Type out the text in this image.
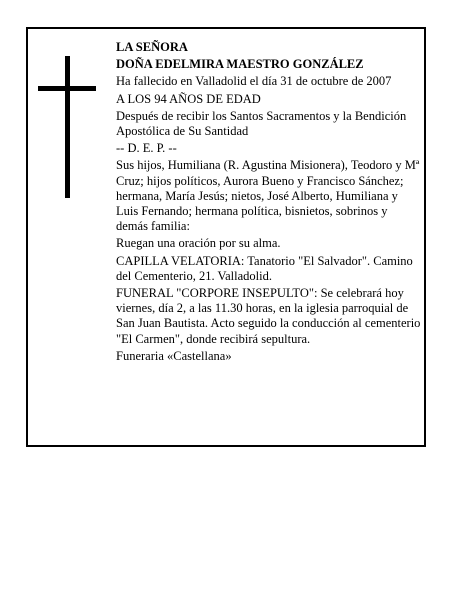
LA SEÑORA
DOÑA EDELMIRA MAESTRO GONZÁLEZ
Ha fallecido en Valladolid el día 31 de octubre de 2007
A LOS 94 AÑOS DE EDAD
Después de recibir los Santos Sacramentos y la Bendición Apostólica de Su Santidad
-- D. E. P. --
Sus hijos, Humiliana (R. Agustina Misionera), Teodoro y Mª Cruz; hijos políticos, Aurora Bueno y Francisco Sánchez; hermana, María Jesús; nietos, José Alberto, Humiliana y Luis Fernando; hermana política, bisnietos, sobrinos y demás familia:
Ruegan una oración por su alma.
CAPILLA VELATORIA: Tanatorio "El Salvador". Camino del Cementerio, 21. Valladolid.
FUNERAL "CORPORE INSEPULTO": Se celebrará hoy viernes, día 2, a las 11.30 horas, en la iglesia parroquial de San Juan Bautista. Acto seguido la conducción al cementerio "El Carmen", donde recibirá sepultura.
Funeraria «Castellana»
